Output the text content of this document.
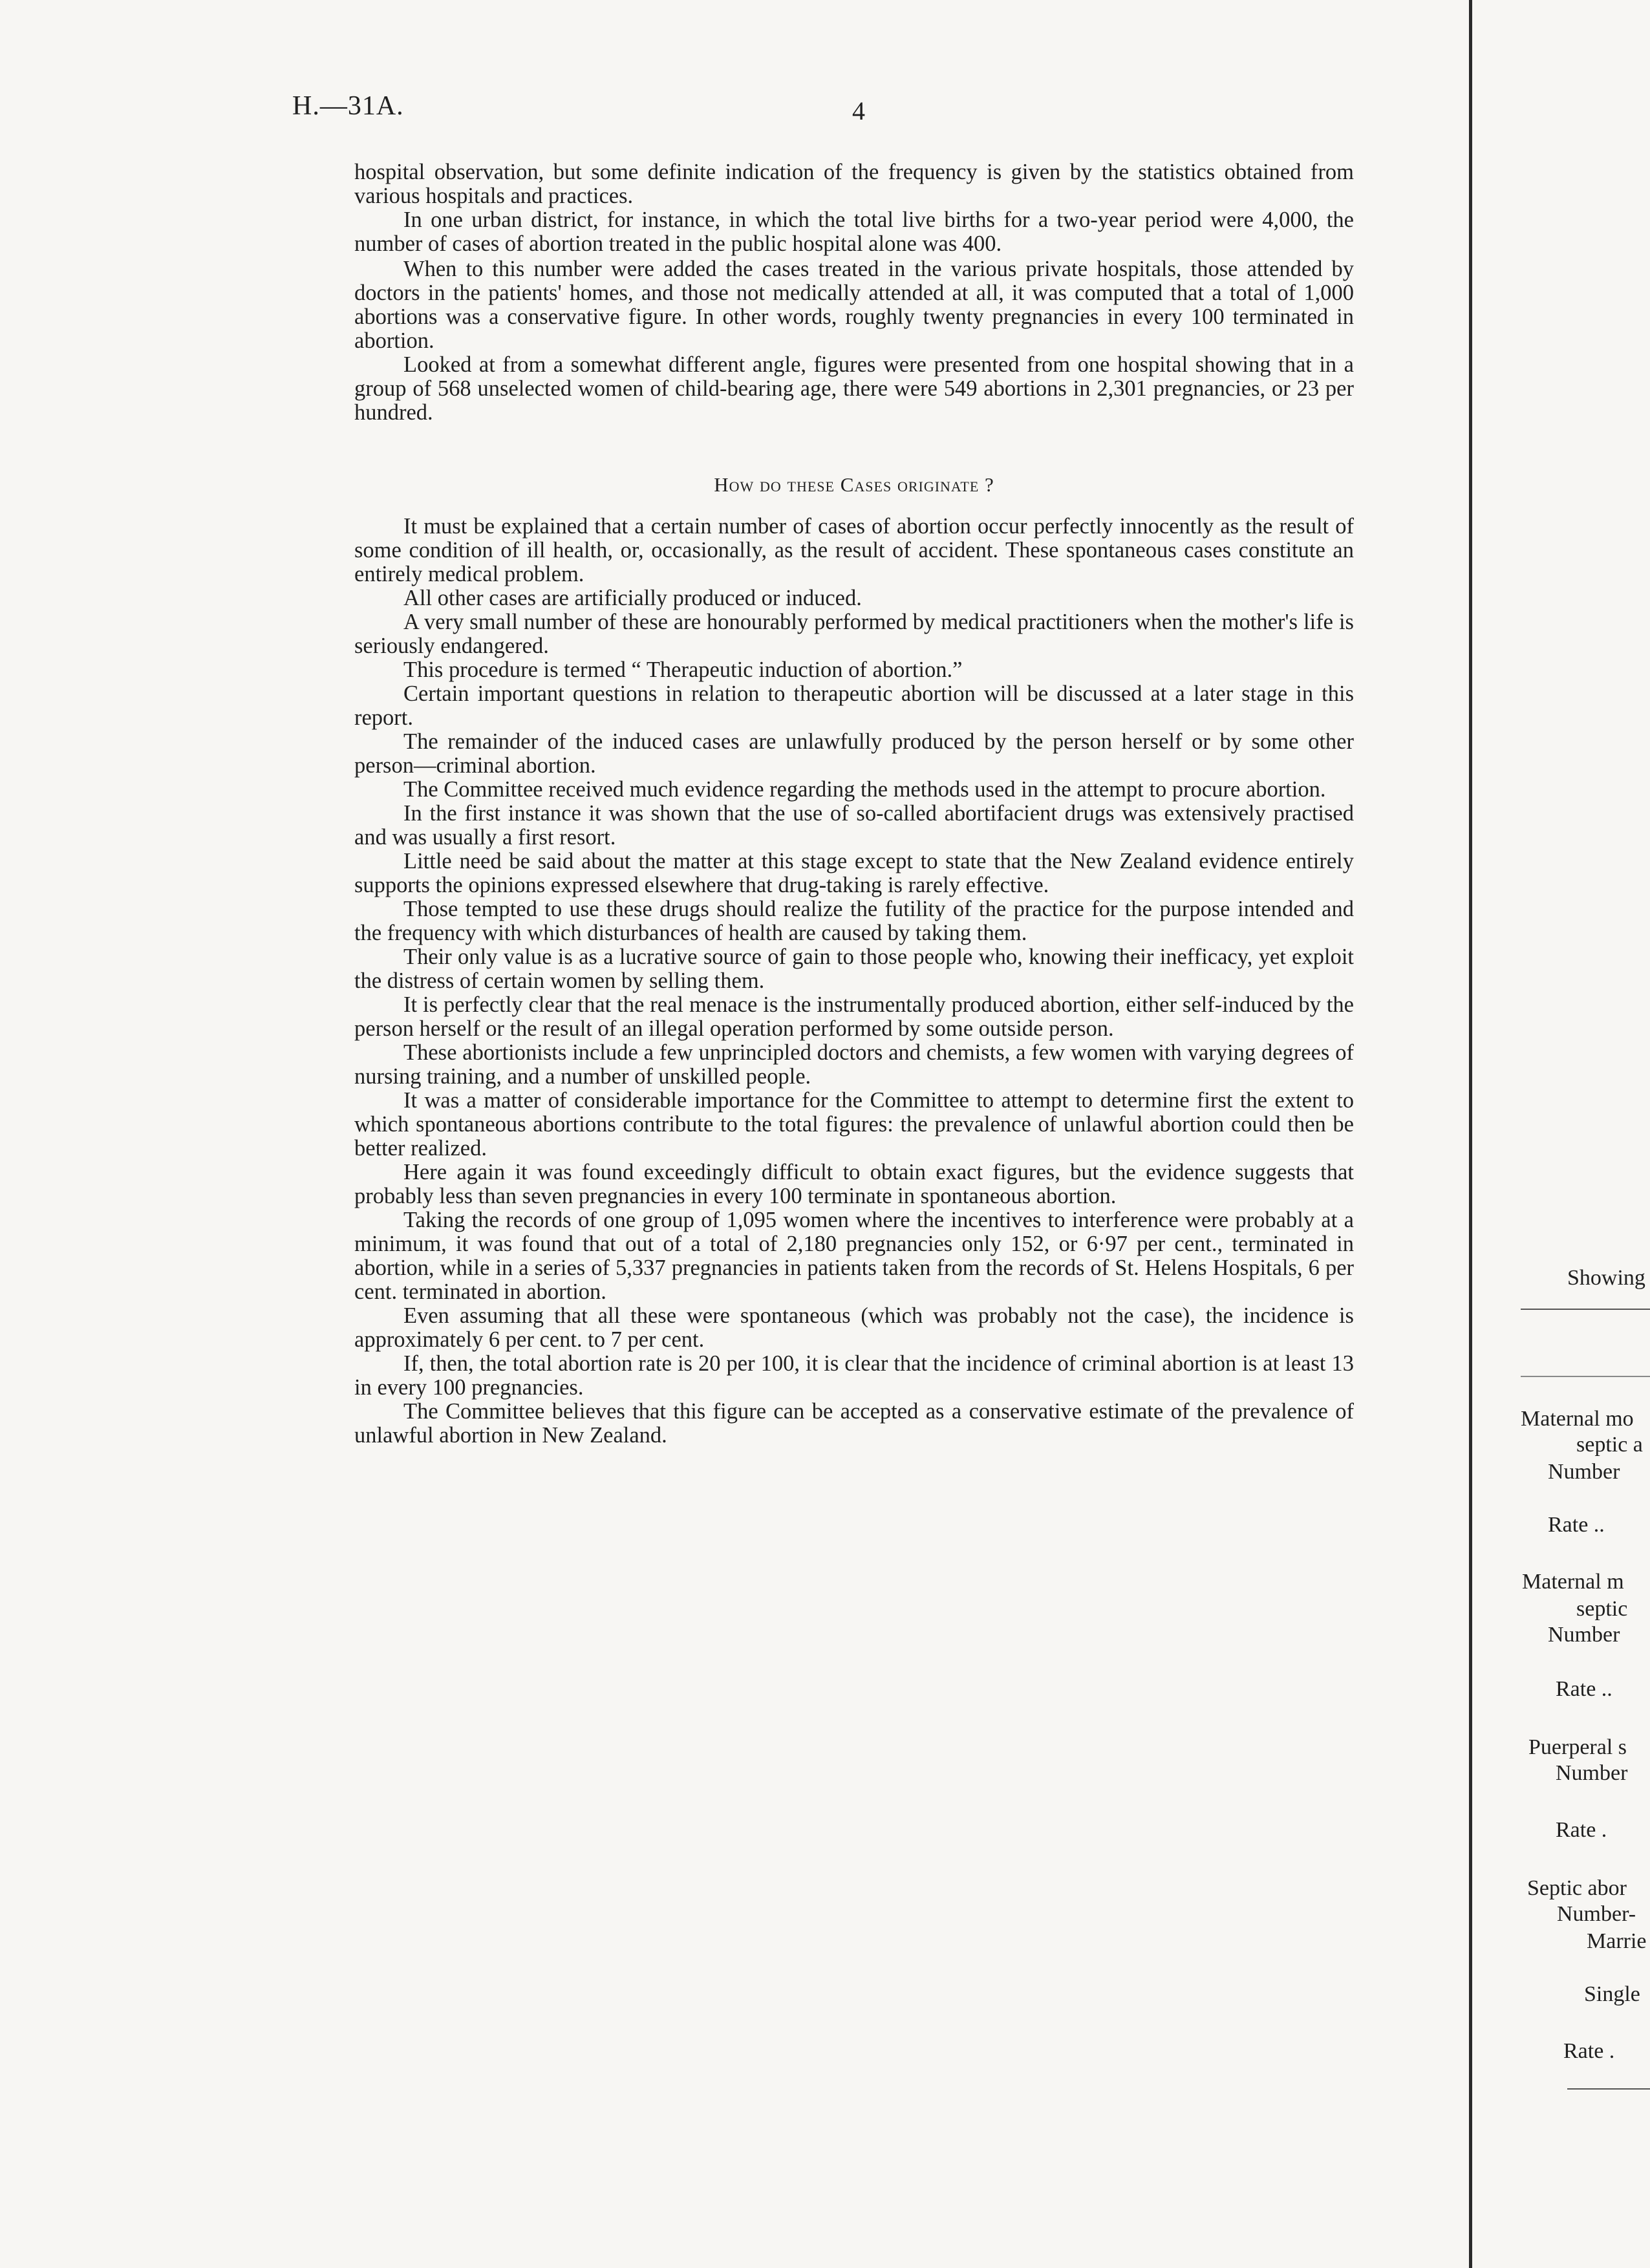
H.—31A.	4

hospital observation, but some definite indication of the frequency is given by the statistics obtained from various hospitals and practices.

In one urban district, for instance, in which the total live births for a two-year period were 4,000, the number of cases of abortion treated in the public hospital alone was 400.

When to this number were added the cases treated in the various private hospitals, those attended by doctors in the patients' homes, and those not medically attended at all, it was computed that a total of 1,000 abortions was a conservative figure. In other words, roughly twenty pregnancies in every 100 terminated in abortion.

Looked at from a somewhat different angle, figures were presented from one hospital showing that in a group of 568 unselected women of child-bearing age, there were 549 abortions in 2,301 pregnancies, or 23 per hundred.

How do these Cases originate ?

It must be explained that a certain number of cases of abortion occur perfectly innocently as the result of some condition of ill health, or, occasionally, as the result of accident. These spontaneous cases constitute an entirely medical problem.

All other cases are artificially produced or induced.

A very small number of these are honourably performed by medical practitioners when the mother's life is seriously endangered.

This procedure is termed “ Therapeutic induction of abortion.”

Certain important questions in relation to therapeutic abortion will be discussed at a later stage in this report.

The remainder of the induced cases are unlawfully produced by the person herself or by some other person—criminal abortion.

The Committee received much evidence regarding the methods used in the attempt to procure abortion.

In the first instance it was shown that the use of so-called abortifacient drugs was extensively practised and was usually a first resort.

Little need be said about the matter at this stage except to state that the New Zealand evidence entirely supports the opinions expressed elsewhere that drug-taking is rarely effective.

Those tempted to use these drugs should realize the futility of the practice for the purpose intended and the frequency with which disturbances of health are caused by taking them.

Their only value is as a lucrative source of gain to those people who, knowing their inefficacy, yet exploit the distress of certain women by selling them.

It is perfectly clear that the real menace is the instrumentally produced abortion, either self-induced by the person herself or the result of an illegal operation performed by some outside person.

These abortionists include a few unprincipled doctors and chemists, a few women with varying degrees of nursing training, and a number of unskilled people.

It was a matter of considerable importance for the Committee to attempt to determine first the extent to which spontaneous abortions contribute to the total figures: the prevalence of unlawful abortion could then be better realized.

Here again it was found exceedingly difficult to obtain exact figures, but the evidence suggests that probably less than seven pregnancies in every 100 terminate in spontaneous abortion.

Taking the records of one group of 1,095 women where the incentives to interference were probably at a minimum, it was found that out of a total of 2,180 pregnancies only 152, or 6·97 per cent., terminated in abortion, while in a series of 5,337 pregnancies in patients taken from the records of St. Helens Hospitals, 6 per cent. terminated in abortion.

Even assuming that all these were spontaneous (which was probably not the case), the incidence is approximately 6 per cent. to 7 per cent.

If, then, the total abortion rate is 20 per 100, it is clear that the incidence of criminal abortion is at least 13 in every 100 pregnancies.

The Committee believes that this figure can be accepted as a conservative estimate of the prevalence of unlawful abortion in New Zealand.

Showing
Maternal mo
septic a
Number
Rate ..
Maternal m
septic
Number
Rate ..
Puerperal s
Number
Rate .
Septic abor
Number-
Marrie
Single
Rate .
